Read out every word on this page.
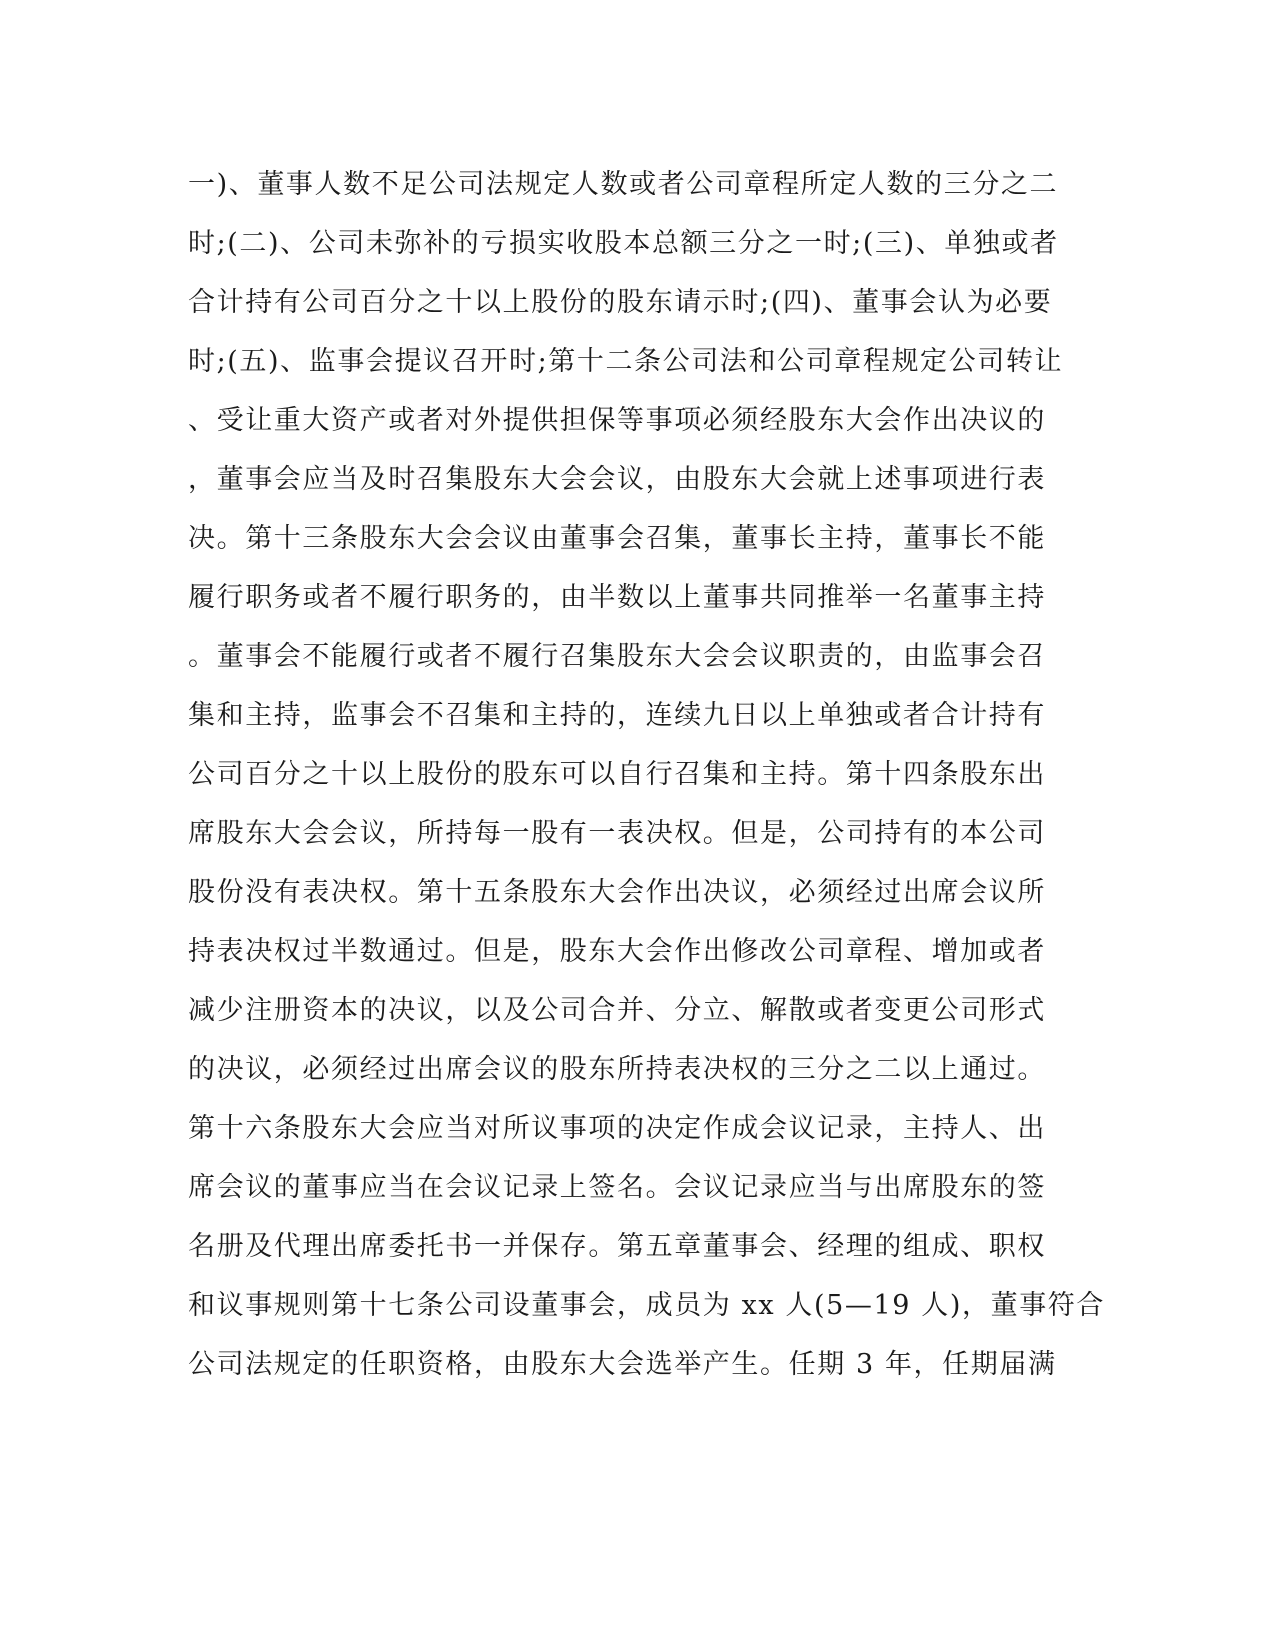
一)、董事人数不足公司法规定人数或者公司章程所定人数的三分之二
时;(二)、公司未弥补的亏损实收股本总额三分之一时;(三)、单独或者
合计持有公司百分之十以上股份的股东请示时;(四)、董事会认为必要
时;(五)、监事会提议召开时;第十二条公司法和公司章程规定公司转让
、受让重大资产或者对外提供担保等事项必须经股东大会作出决议的
，董事会应当及时召集股东大会会议，由股东大会就上述事项进行表
决。第十三条股东大会会议由董事会召集，董事长主持，董事长不能
履行职务或者不履行职务的，由半数以上董事共同推举一名董事主持
。董事会不能履行或者不履行召集股东大会会议职责的，由监事会召
集和主持，监事会不召集和主持的，连续九日以上单独或者合计持有
公司百分之十以上股份的股东可以自行召集和主持。第十四条股东出
席股东大会会议，所持每一股有一表决权。但是，公司持有的本公司
股份没有表决权。第十五条股东大会作出决议，必须经过出席会议所
持表决权过半数通过。但是，股东大会作出修改公司章程、增加或者
减少注册资本的决议，以及公司合并、分立、解散或者变更公司形式
的决议，必须经过出席会议的股东所持表决权的三分之二以上通过。
第十六条股东大会应当对所议事项的决定作成会议记录，主持人、出
席会议的董事应当在会议记录上签名。会议记录应当与出席股东的签
名册及代理出席委托书一并保存。第五章董事会、经理的组成、职权
和议事规则第十七条公司设董事会，成员为 xx 人(5—19 人)，董事符合
公司法规定的任职资格，由股东大会选举产生。任期 3 年，任期届满
